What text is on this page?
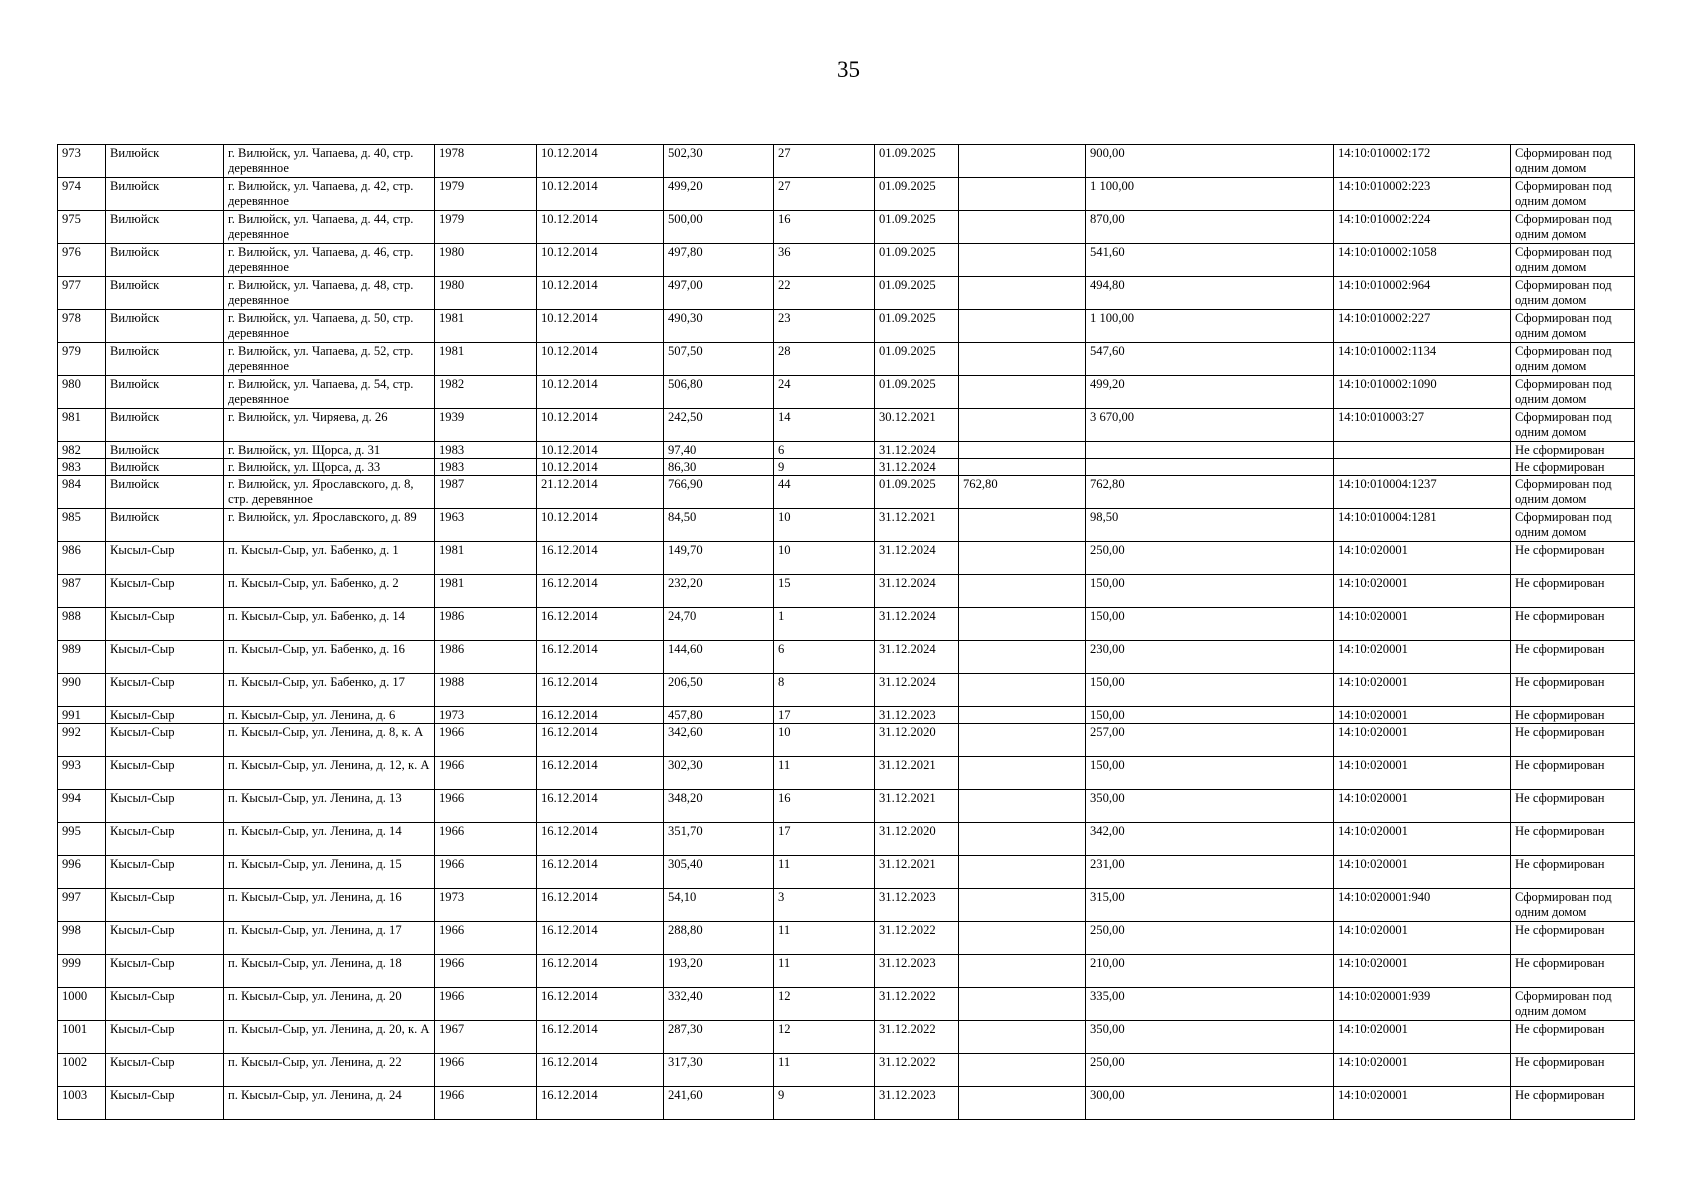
35
973	Вилюйск	г. Вилюйск, ул. Чапаева, д. 40, стр. деревянное	1978	10.12.2014	502,30	27	01.09.2025		900,00	14:10:010002:172	Сформирован под одним домом
974	Вилюйск	г. Вилюйск, ул. Чапаева, д. 42, стр. деревянное	1979	10.12.2014	499,20	27	01.09.2025		1 100,00	14:10:010002:223	Сформирован под одним домом
975	Вилюйск	г. Вилюйск, ул. Чапаева, д. 44, стр. деревянное	1979	10.12.2014	500,00	16	01.09.2025		870,00	14:10:010002:224	Сформирован под одним домом
976	Вилюйск	г. Вилюйск, ул. Чапаева, д. 46, стр. деревянное	1980	10.12.2014	497,80	36	01.09.2025		541,60	14:10:010002:1058	Сформирован под одним домом
977	Вилюйск	г. Вилюйск, ул. Чапаева, д. 48, стр. деревянное	1980	10.12.2014	497,00	22	01.09.2025		494,80	14:10:010002:964	Сформирован под одним домом
978	Вилюйск	г. Вилюйск, ул. Чапаева, д. 50, стр. деревянное	1981	10.12.2014	490,30	23	01.09.2025		1 100,00	14:10:010002:227	Сформирован под одним домом
979	Вилюйск	г. Вилюйск, ул. Чапаева, д. 52, стр. деревянное	1981	10.12.2014	507,50	28	01.09.2025		547,60	14:10:010002:1134	Сформирован под одним домом
980	Вилюйск	г. Вилюйск, ул. Чапаева, д. 54, стр. деревянное	1982	10.12.2014	506,80	24	01.09.2025		499,20	14:10:010002:1090	Сформирован под одним домом
981	Вилюйск	г. Вилюйск, ул. Чиряева, д. 26	1939	10.12.2014	242,50	14	30.12.2021		3 670,00	14:10:010003:27	Сформирован под одним домом
982	Вилюйск	г. Вилюйск, ул. Щорса, д. 31	1983	10.12.2014	97,40	6	31.12.2024				Не сформирован
983	Вилюйск	г. Вилюйск, ул. Щорса, д. 33	1983	10.12.2014	86,30	9	31.12.2024				Не сформирован
984	Вилюйск	г. Вилюйск, ул. Ярославского, д. 8, стр. деревянное	1987	21.12.2014	766,90	44	01.09.2025	762,80	762,80	14:10:010004:1237	Сформирован под одним домом
985	Вилюйск	г. Вилюйск, ул. Ярославского, д. 89	1963	10.12.2014	84,50	10	31.12.2021		98,50	14:10:010004:1281	Сформирован под одним домом
986	Кысыл-Сыр	п. Кысыл-Сыр, ул. Бабенко, д. 1	1981	16.12.2014	149,70	10	31.12.2024		250,00	14:10:020001	Не сформирован
987	Кысыл-Сыр	п. Кысыл-Сыр, ул. Бабенко, д. 2	1981	16.12.2014	232,20	15	31.12.2024		150,00	14:10:020001	Не сформирован
988	Кысыл-Сыр	п. Кысыл-Сыр, ул. Бабенко, д. 14	1986	16.12.2014	24,70	1	31.12.2024		150,00	14:10:020001	Не сформирован
989	Кысыл-Сыр	п. Кысыл-Сыр, ул. Бабенко, д. 16	1986	16.12.2014	144,60	6	31.12.2024		230,00	14:10:020001	Не сформирован
990	Кысыл-Сыр	п. Кысыл-Сыр, ул. Бабенко, д. 17	1988	16.12.2014	206,50	8	31.12.2024		150,00	14:10:020001	Не сформирован
991	Кысыл-Сыр	п. Кысыл-Сыр, ул. Ленина, д. 6	1973	16.12.2014	457,80	17	31.12.2023		150,00	14:10:020001	Не сформирован
992	Кысыл-Сыр	п. Кысыл-Сыр, ул. Ленина, д. 8, к. А	1966	16.12.2014	342,60	10	31.12.2020		257,00	14:10:020001	Не сформирован
993	Кысыл-Сыр	п. Кысыл-Сыр, ул. Ленина, д. 12, к. А	1966	16.12.2014	302,30	11	31.12.2021		150,00	14:10:020001	Не сформирован
994	Кысыл-Сыр	п. Кысыл-Сыр, ул. Ленина, д. 13	1966	16.12.2014	348,20	16	31.12.2021		350,00	14:10:020001	Не сформирован
995	Кысыл-Сыр	п. Кысыл-Сыр, ул. Ленина, д. 14	1966	16.12.2014	351,70	17	31.12.2020		342,00	14:10:020001	Не сформирован
996	Кысыл-Сыр	п. Кысыл-Сыр, ул. Ленина, д. 15	1966	16.12.2014	305,40	11	31.12.2021		231,00	14:10:020001	Не сформирован
997	Кысыл-Сыр	п. Кысыл-Сыр, ул. Ленина, д. 16	1973	16.12.2014	54,10	3	31.12.2023		315,00	14:10:020001:940	Сформирован под одним домом
998	Кысыл-Сыр	п. Кысыл-Сыр, ул. Ленина, д. 17	1966	16.12.2014	288,80	11	31.12.2022		250,00	14:10:020001	Не сформирован
999	Кысыл-Сыр	п. Кысыл-Сыр, ул. Ленина, д. 18	1966	16.12.2014	193,20	11	31.12.2023		210,00	14:10:020001	Не сформирован
1000	Кысыл-Сыр	п. Кысыл-Сыр, ул. Ленина, д. 20	1966	16.12.2014	332,40	12	31.12.2022		335,00	14:10:020001:939	Сформирован под одним домом
1001	Кысыл-Сыр	п. Кысыл-Сыр, ул. Ленина, д. 20, к. А	1967	16.12.2014	287,30	12	31.12.2022		350,00	14:10:020001	Не сформирован
1002	Кысыл-Сыр	п. Кысыл-Сыр, ул. Ленина, д. 22	1966	16.12.2014	317,30	11	31.12.2022		250,00	14:10:020001	Не сформирован
1003	Кысыл-Сыр	п. Кысыл-Сыр, ул. Ленина, д. 24	1966	16.12.2014	241,60	9	31.12.2023		300,00	14:10:020001	Не сформирован
